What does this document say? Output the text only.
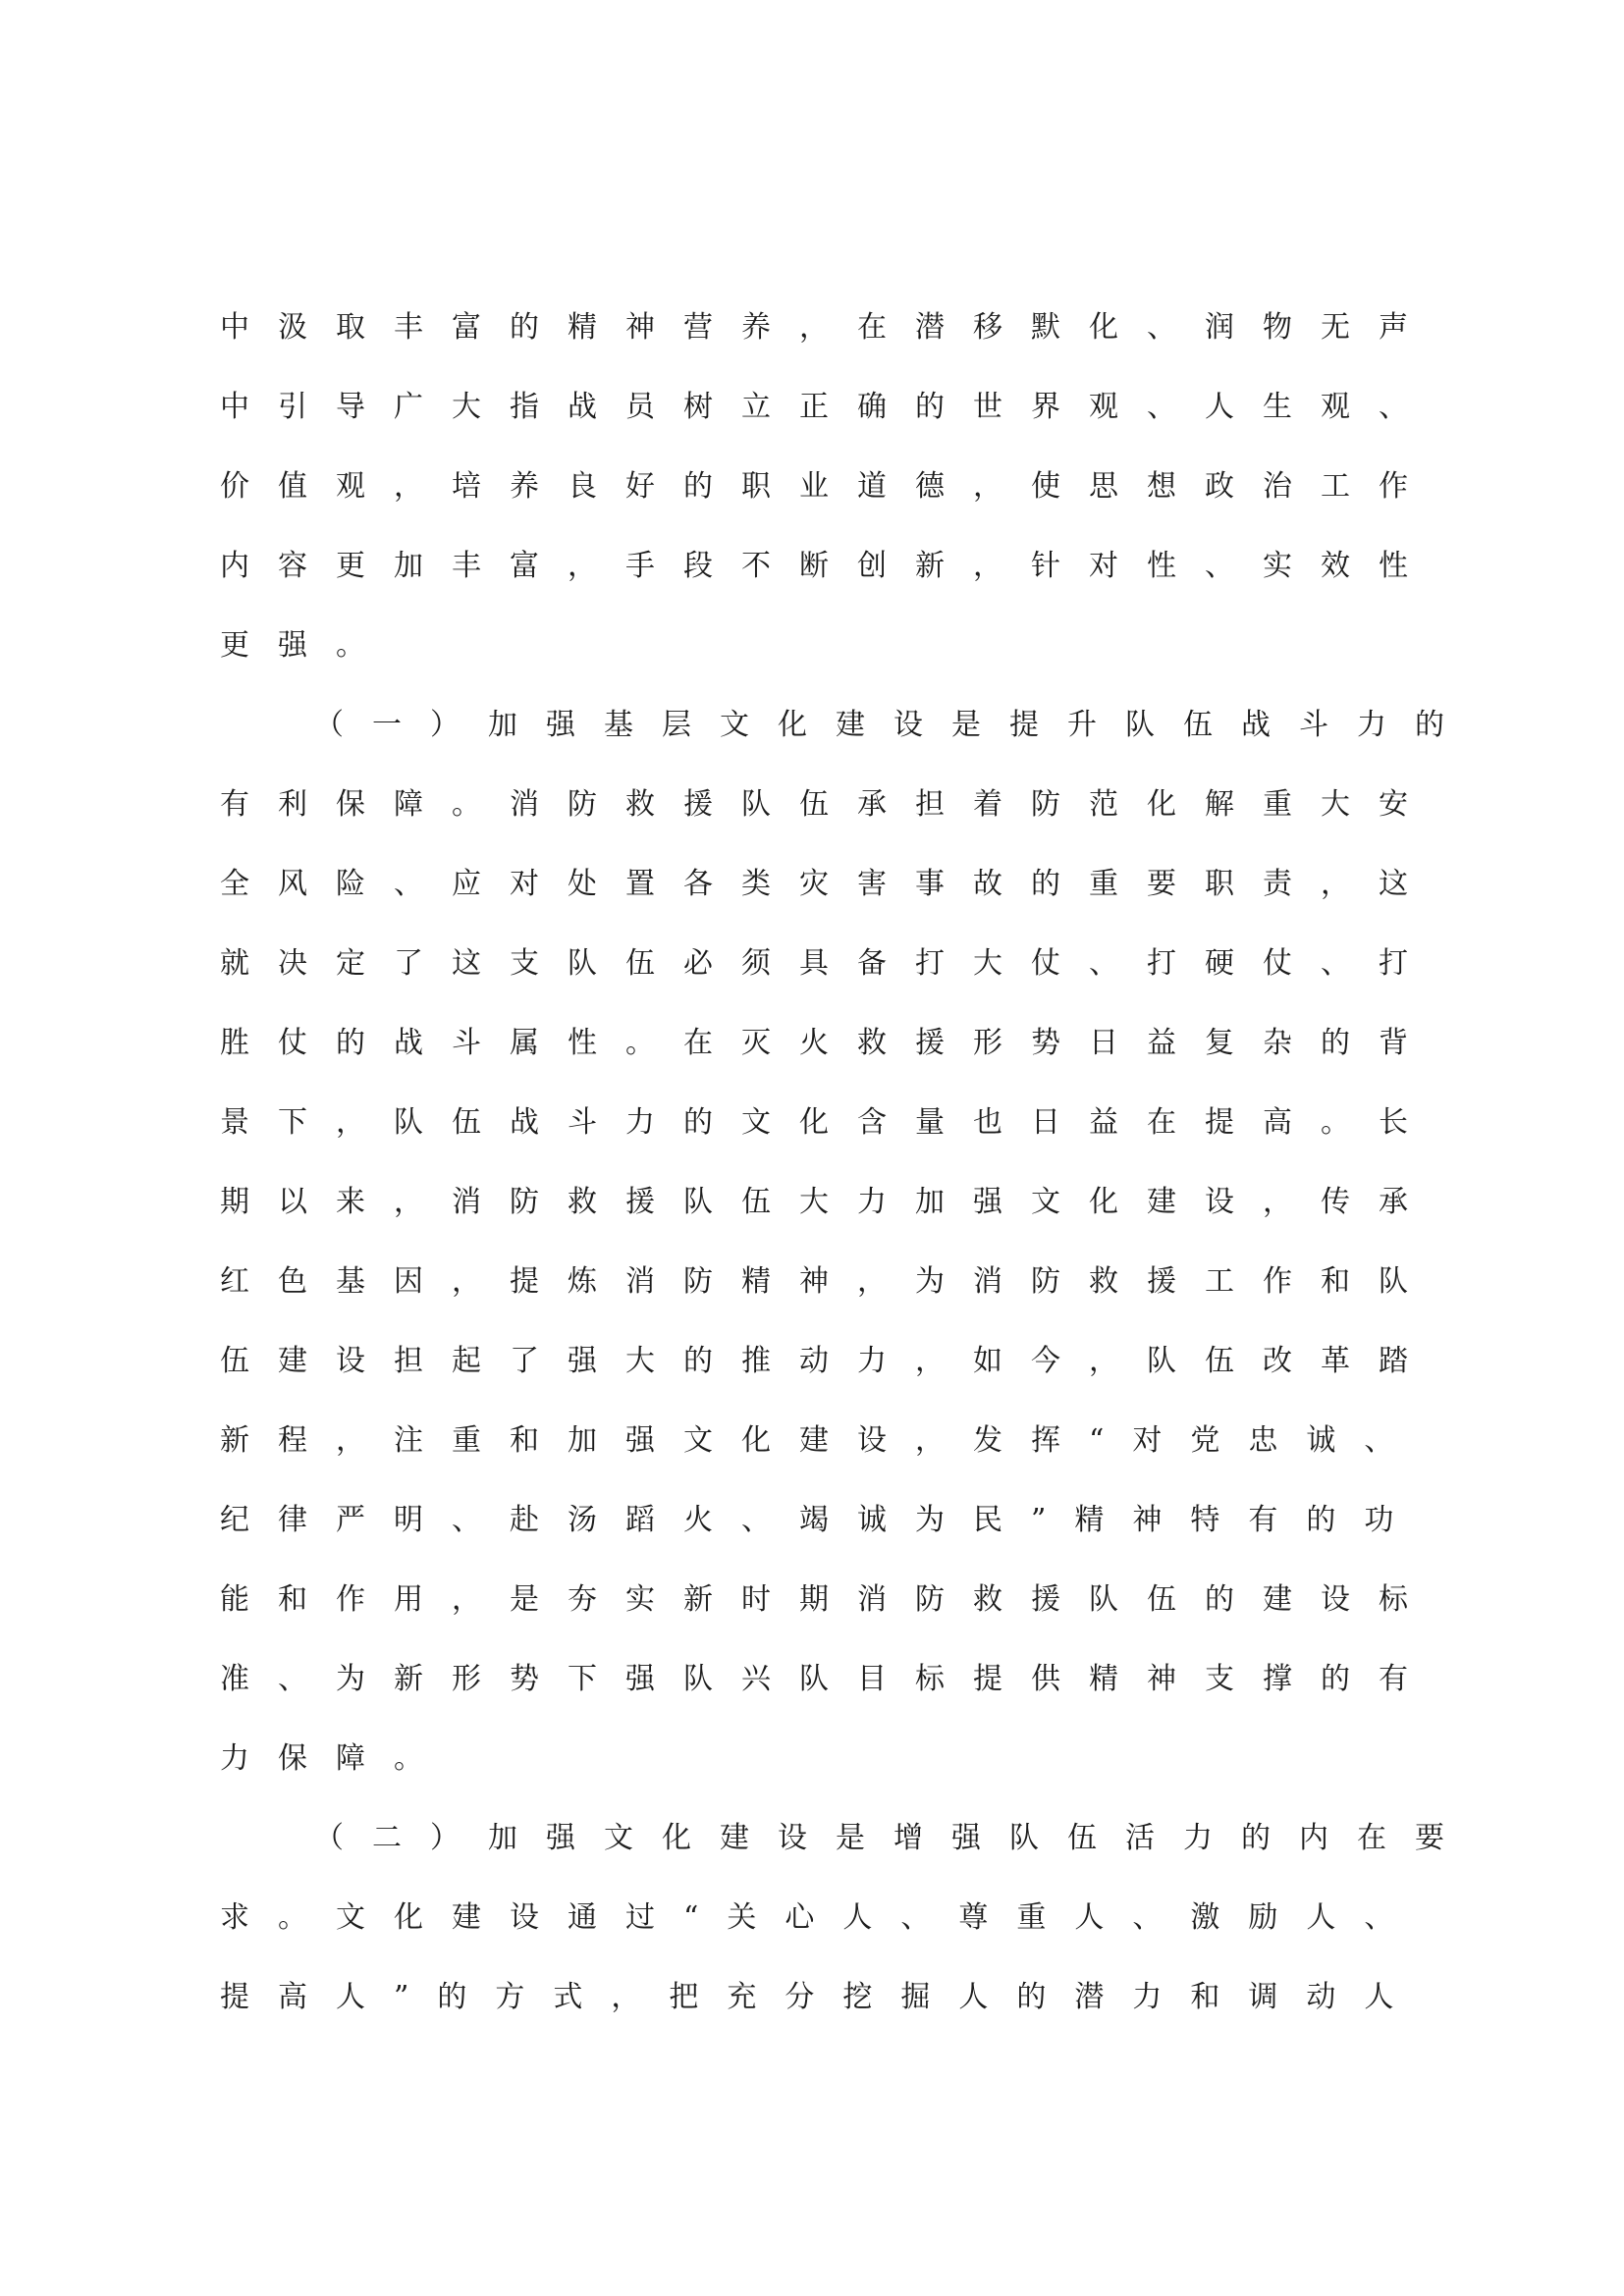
中汲取丰富的精神营养，在潜移默化、润物无声
中引导广大指战员树立正确的世界观、人生观、
价值观，培养良好的职业道德，使思想政治工作
内容更加丰富，手段不断创新，针对性、实效性
更强。
（一）加强基层文化建设是提升队伍战斗力的
有利保障。消防救援队伍承担着防范化解重大安
全风险、应对处置各类灾害事故的重要职责，这
就决定了这支队伍必须具备打大仗、打硬仗、打
胜仗的战斗属性。在灭火救援形势日益复杂的背
景下，队伍战斗力的文化含量也日益在提高。长
期以来，消防救援队伍大力加强文化建设，传承
红色基因，提炼消防精神，为消防救援工作和队
伍建设担起了强大的推动力，如今，队伍改革踏
新程，注重和加强文化建设，发挥“对党忠诚、
纪律严明、赴汤蹈火、竭诚为民”精神特有的功
能和作用，是夯实新时期消防救援队伍的建设标
准、为新形势下强队兴队目标提供精神支撑的有
力保障。
（二）加强文化建设是增强队伍活力的内在要
求。文化建设通过“关心人、尊重人、激励人、
提高人”的方式，把充分挖掘人的潜力和调动人
